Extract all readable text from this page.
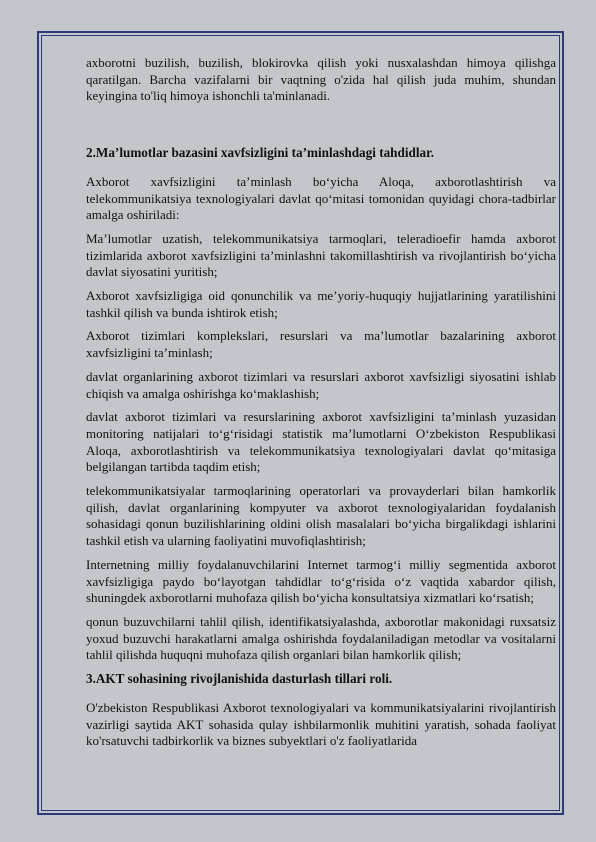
axborotni buzilish, buzilish, blokirovka qilish yoki nusxalashdan himoya qilishga qaratilgan. Barcha vazifalarni bir vaqtning o'zida hal qilish juda muhim, shundan keyingina to'liq himoya ishonchli ta'minlanadi.

2.Ma’lumotlar bazasini xavfsizligini ta’minlashdagi tahdidlar.

Axborot xavfsizligini ta’minlash bo‘yicha Aloqa, axborotlashtirish va telekommunikatsiya texnologiyalari davlat qo‘mitasi tomonidan quyidagi chora-tadbirlar amalga oshiriladi:

Ma’lumotlar uzatish, telekommunikatsiya tarmoqlari, teleradioefir hamda axborot tizimlarida axborot xavfsizligini ta’minlashni takomillashtirish va rivojlantirish bo‘yicha davlat siyosatini yuritish;

Axborot xavfsizligiga oid qonunchilik va me’yoriy-huquqiy hujjatlarining yaratilishini tashkil qilish va bunda ishtirok etish;

Axborot tizimlari komplekslari, resurslari va ma’lumotlar bazalarining axborot xavfsizligini ta’minlash;

davlat organlarining axborot tizimlari va resurslari axborot xavfsizligi siyosatini ishlab chiqish va amalga oshirishga ko‘maklashish;

davlat axborot tizimlari va resurslarining axborot xavfsizligini ta’minlash yuzasidan monitoring natijalari to‘g‘risidagi statistik ma’lumotlarni O‘zbekiston Respublikasi Aloqa, axborotlashtirish va telekommunikatsiya texnologiyalari davlat qo‘mitasiga belgilangan tartibda taqdim etish;

telekommunikatsiyalar tarmoqlarining operatorlari va provayderlari bilan hamkorlik qilish, davlat organlarining kompyuter va axborot texnologiyalaridan foydalanish sohasidagi qonun buzilishlarining oldini olish masalalari bo‘yicha birgalikdagi ishlarini tashkil etish va ularning faoliyatini muvofiqlashtirish;

Internetning milliy foydalanuvchilarini Internet tarmog‘i milliy segmentida axborot xavfsizligiga paydo bo‘layotgan tahdidlar to‘g‘risida o‘z vaqtida xabardor qilish, shuningdek axborotlarni muhofaza qilish bo‘yicha konsultatsiya xizmatlari ko‘rsatish;

qonun buzuvchilarni tahlil qilish, identifikatsiyalashda, axborotlar makonidagi ruxsatsiz yoxud buzuvchi harakatlarni amalga oshirishda foydalaniladigan metodlar va vositalarni tahlil qilishda huquqni muhofaza qilish organlari bilan hamkorlik qilish;

3.AKT sohasining rivojlanishida dasturlash tillari roli.

O'zbekiston Respublikasi Axborot texnologiyalari va kommunikatsiyalarini rivojlantirish vazirligi saytida AKT sohasida qulay ishbilarmonlik muhitini yaratish, sohada faoliyat ko'rsatuvchi tadbirkorlik va biznes subyektlari o'z faoliyatlarida
